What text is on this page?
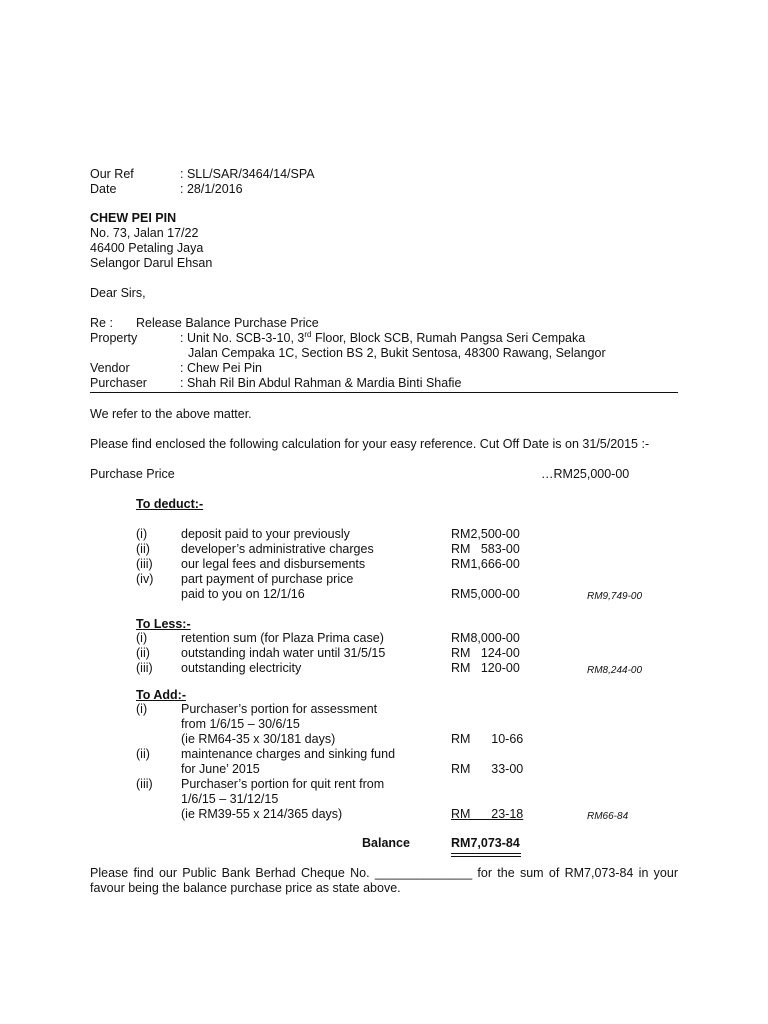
Our Ref	: SLL/SAR/3464/14/SPA
Date	: 28/1/2016
CHEW PEI PIN
No. 73, Jalan 17/22
46400 Petaling Jaya
Selangor Darul Ehsan
Dear Sirs,
Re : Release Balance Purchase Price
Property	: Unit No. SCB-3-10, 3rd Floor, Block SCB, Rumah Pangsa Seri Cempaka
Jalan Cempaka 1C, Section BS 2, Bukit Sentosa, 48300 Rawang, Selangor
Vendor	: Chew Pei Pin
Purchaser	: Shah Ril Bin Abdul Rahman & Mardia Binti Shafie
We refer to the above matter.
Please find enclosed the following calculation for your easy reference. Cut Off Date is on 31/5/2015 :-
Purchase Price	…RM25,000-00
To deduct:-
(i)	deposit paid to your previously	RM2,500-00
(ii) developer’s administrative charges	RM   583-00
(iii) our legal fees and disbursements	RM1,666-00
(iv) part payment of purchase price
paid to you on 12/1/16	RM5,000-00	RM9,749-00
To Less:-
(i)	retention sum (for Plaza Prima case)	RM8,000-00
(ii) outstanding indah water until 31/5/15	RM   124-00
(iii) outstanding electricity	RM   120-00	RM8,244-00
To Add:-
(i)	Purchaser’s portion for assessment
from 1/6/15 – 30/6/15
(ie RM64-35 x 30/181 days)	RM      10-66
(ii) maintenance charges and sinking fund
for June’ 2015	RM      33-00
(iii) Purchaser’s portion for quit rent from
1/6/15 – 31/12/15
(ie RM39-55 x 214/365 days)	RM      23-18	RM66-84
Balance	RM7,073-84
Please find our Public Bank Berhad Cheque No. ______________ for the sum of RM7,073-84 in your favour being the balance purchase price as state above.
